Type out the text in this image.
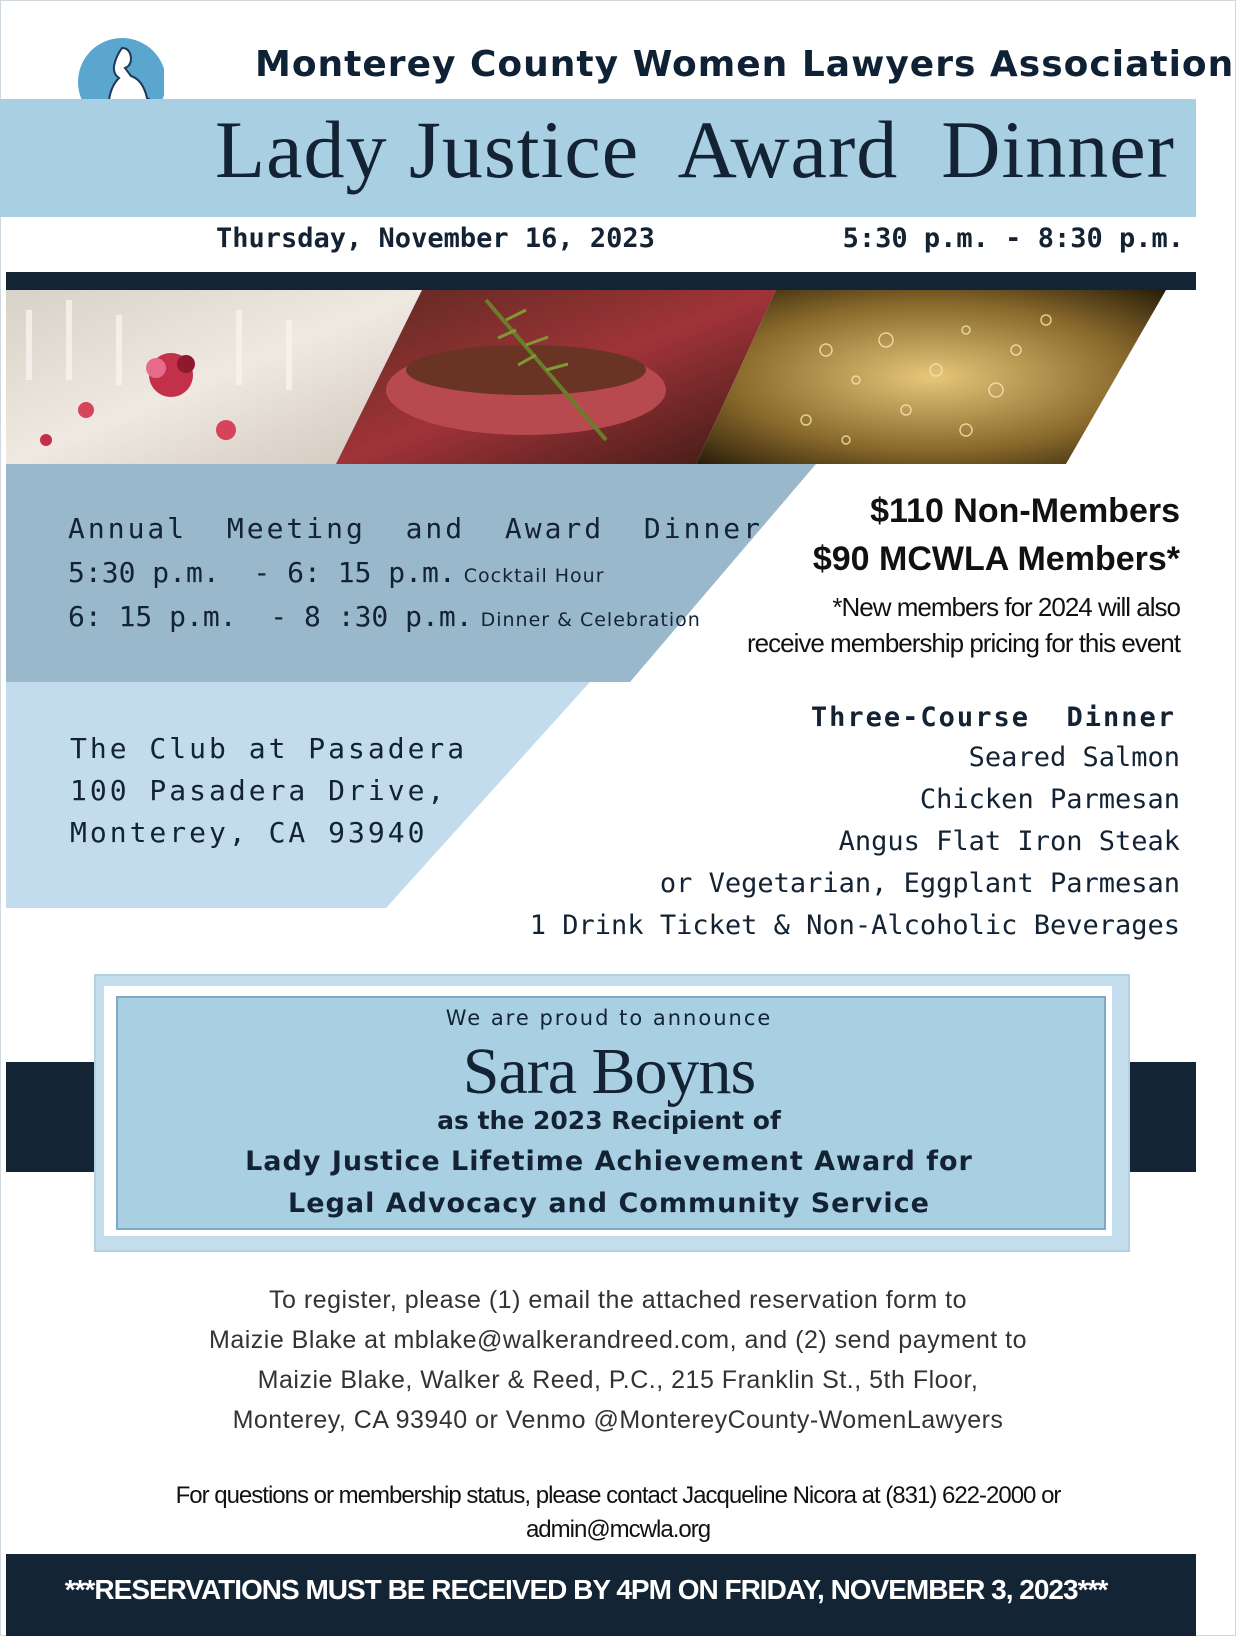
Monterey County Women Lawyers Association
Lady Justice  Award  Dinner
Thursday, November 16, 2023	5:30 p.m. - 8:30 p.m.
Annual  Meeting  and  Award  Dinner
5:30 p.m.  - 6: 15 p.m. Cocktail Hour
6: 15 p.m.  - 8 :30 p.m. Dinner & Celebration
The Club at Pasadera
100 Pasadera Drive,
Monterey, CA 93940
$110 Non-Members
$90 MCWLA Members*
*New members for 2024 will also
receive membership pricing for this event
Three-Course  Dinner
Seared Salmon
Chicken Parmesan
Angus Flat Iron Steak
or Vegetarian, Eggplant Parmesan
1 Drink Ticket & Non-Alcoholic Beverages
We are proud to announce
Sara Boyns
as the 2023 Recipient of
Lady Justice Lifetime Achievement Award for
Legal Advocacy and Community Service
To register, please (1) email the attached reservation form to
Maizie Blake at mblake@walkerandreed.com, and (2) send payment to
Maizie Blake, Walker & Reed, P.C., 215 Franklin St., 5th Floor,
Monterey, CA 93940 or Venmo @MontereyCounty-WomenLawyers
For questions or membership status, please contact Jacqueline Nicora at (831) 622-2000 or
admin@mcwla.org
***RESERVATIONS MUST BE RECEIVED BY 4PM ON FRIDAY, NOVEMBER 3, 2023***
